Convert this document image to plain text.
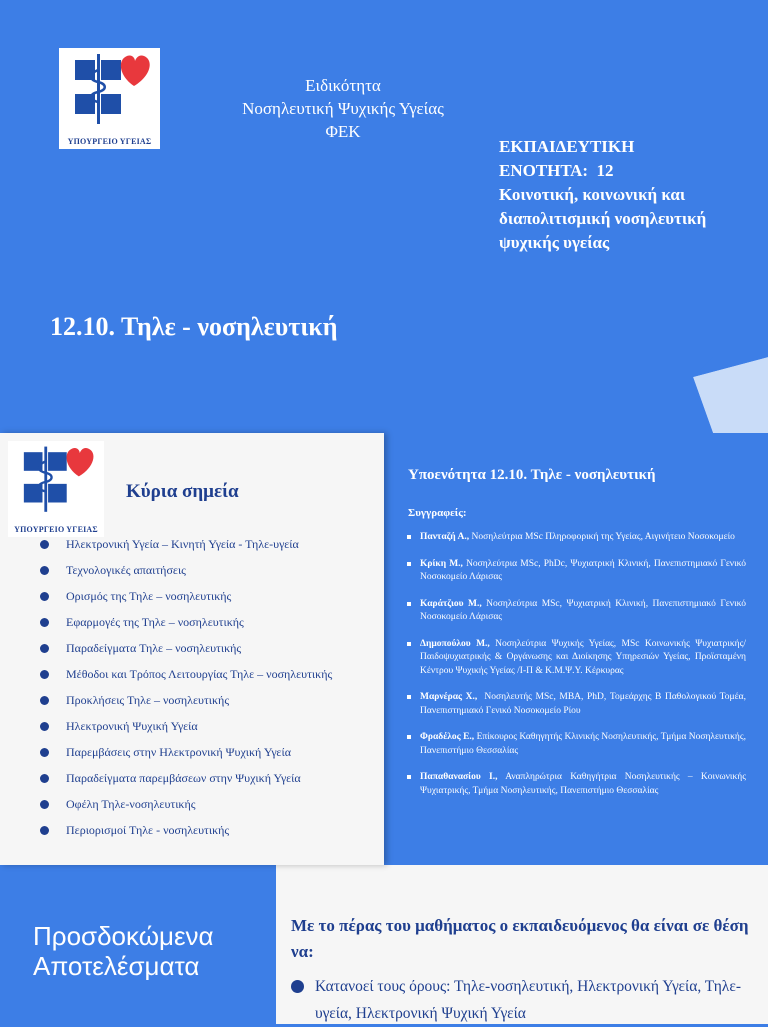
ΥΠΟΥΡΓΕΙΟ ΥΓΕΙΑΣ
Ειδικότητα
Νοσηλευτική Ψυχικής Υγείας
ΦΕΚ
ΕΚΠΑΙΔΕΥΤΙΚΗ
ΕΝΟΤΗΤΑ:  12
Κοινοτική, κοινωνική και
διαπολιτισμική νοσηλευτική
ψυχικής υγείας
12.10. Τηλε - νοσηλευτική
ΥΠΟΥΡΓΕΙΟ ΥΓΕΙΑΣ
Κύρια σημεία
Ηλεκτρονική Υγεία – Κινητή Υγεία - Τηλε-υγεία
Τεχνολογικές απαιτήσεις
Ορισμός της Τηλε – νοσηλευτικής
Εφαρμογές της Τηλε – νοσηλευτικής
Παραδείγματα Τηλε – νοσηλευτικής
Μέθοδοι και Τρόπος Λειτουργίας Τηλε – νοσηλευτικής
Προκλήσεις Τηλε – νοσηλευτικής
Ηλεκτρονική Ψυχική Υγεία
Παρεμβάσεις στην Ηλεκτρονική Ψυχική Υγεία
Παραδείγματα παρεμβάσεων στην Ψυχική Υγεία
Οφέλη Τηλε-νοσηλευτικής
Περιορισμοί Τηλε - νοσηλευτικής
Υποενότητα 12.10. Τηλε - νοσηλευτική
Συγγραφείς:
Πανταζή Α., Νοσηλεύτρια MSc Πληροφορική της Υγείας, Αιγινήτειο Νοσοκομείο
Κρίκη Μ., Νοσηλεύτρια MSc, PhDc, Ψυχιατρική Κλινική, Πανεπιστημιακό Γενικό Νοσοκομείο Λάρισας
Καράτζιου Μ., Νοσηλεύτρια MSc, Ψυχιατρική Κλινική, Πανεπιστημιακό Γενικό Νοσοκομείο Λάρισας
Δημοπούλου Μ., Νοσηλεύτρια Ψυχικής Υγείας, MSc Κοινωνικής Ψυχιατρικής/Παιδοψυχιατρικής & Οργάνωσης και Διοίκησης Υπηρεσιών Υγείας, Προϊσταμένη Κέντρου Ψυχικής Υγείας /Ι-Π & Κ.Μ.Ψ.Υ. Κέρκυρας
Μαρνέρας Χ.,  Νοσηλευτής MSc, MBA, PhD, Τομεάρχης Β Παθολογικού Τομέα, Πανεπιστημιακό Γενικό Νοσοκομείο Ρίου
Φραδέλος Ε., Επίκουρος Καθηγητής Κλινικής Νοσηλευτικής, Τμήμα Νοσηλευτικής, Πανεπιστήμιο Θεσσαλίας
Παπαθανασίου Ι., Αναπληρώτρια Καθηγήτρια Νοσηλευτικής – Κοινωνικής Ψυχιατρικής, Τμήμα Νοσηλευτικής, Πανεπιστήμιο Θεσσαλίας
Προσδοκώμενα
Αποτελέσματα
Με το πέρας του μαθήματος ο εκπαιδευόμενος θα είναι σε θέση να:
Κατανοεί τους όρους: Τηλε-νοσηλευτική, Ηλεκτρονική Υγεία, Τηλε-υγεία, Ηλεκτρονική Ψυχική Υγεία
